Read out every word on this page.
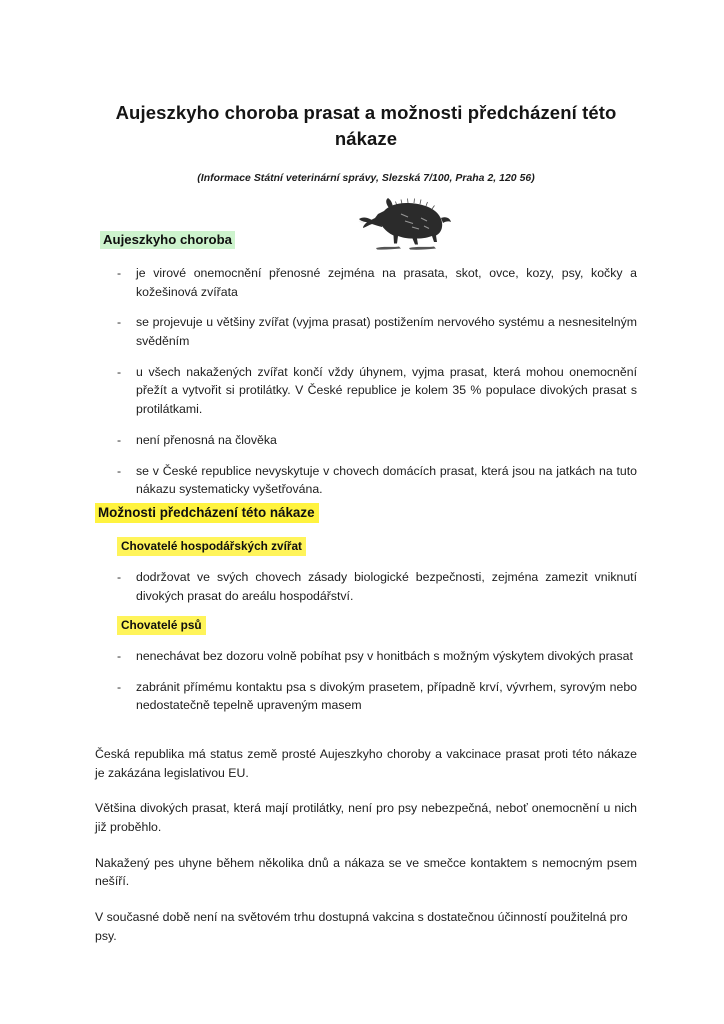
Aujeszkyho choroba prasat a možnosti předcházení této nákaze
(Informace Státní veterinární správy, Slezská 7/100, Praha 2, 120 56)
Aujeszkyho choroba
- je virové onemocnění přenosné zejména na prasata, skot, ovce, kozy, psy, kočky a kožešinová zvířata
- se projevuje u většiny zvířat (vyjma prasat) postižením nervového systému a nesnesitelným svěděním
- u všech nakažených zvířat končí vždy úhynem, vyjma prasat, která mohou onemocnění přežít a vytvořit si protilátky. V České republice je kolem 35 % populace divokých prasat s protilátkami.
- není přenosná na člověka
- se v České republice nevyskytuje v chovech domácích prasat, která jsou na jatkách na tuto nákazu systematicky vyšetřována.
Možnosti předcházení této nákaze
Chovatelé hospodářských zvířat
- dodržovat ve svých chovech zásady biologické bezpečnosti, zejména zamezit vniknutí divokých prasat do areálu hospodářství.
Chovatelé psů
- nenechávat bez dozoru volně pobíhat psy v honitbách s možným výskytem divokých prasat
- zabránit přímému kontaktu psa s divokým prasetem, případně krví, vývrhem, syrovým nebo nedostatečně tepelně upraveným masem

Česká republika má status země prosté Aujeszkyho choroby a vakcinace prasat proti této nákaze je zakázána legislativou EU.

Většina divokých prasat, která mají protilátky, není pro psy nebezpečná, neboť onemocnění u nich již proběhlo.

Nakažený pes uhyne během několika dnů a nákaza se ve smečce kontaktem s nemocným psem nešíří.

V současné době není na světovém trhu dostupná vakcina s dostatečnou účinností použitelná pro psy.
